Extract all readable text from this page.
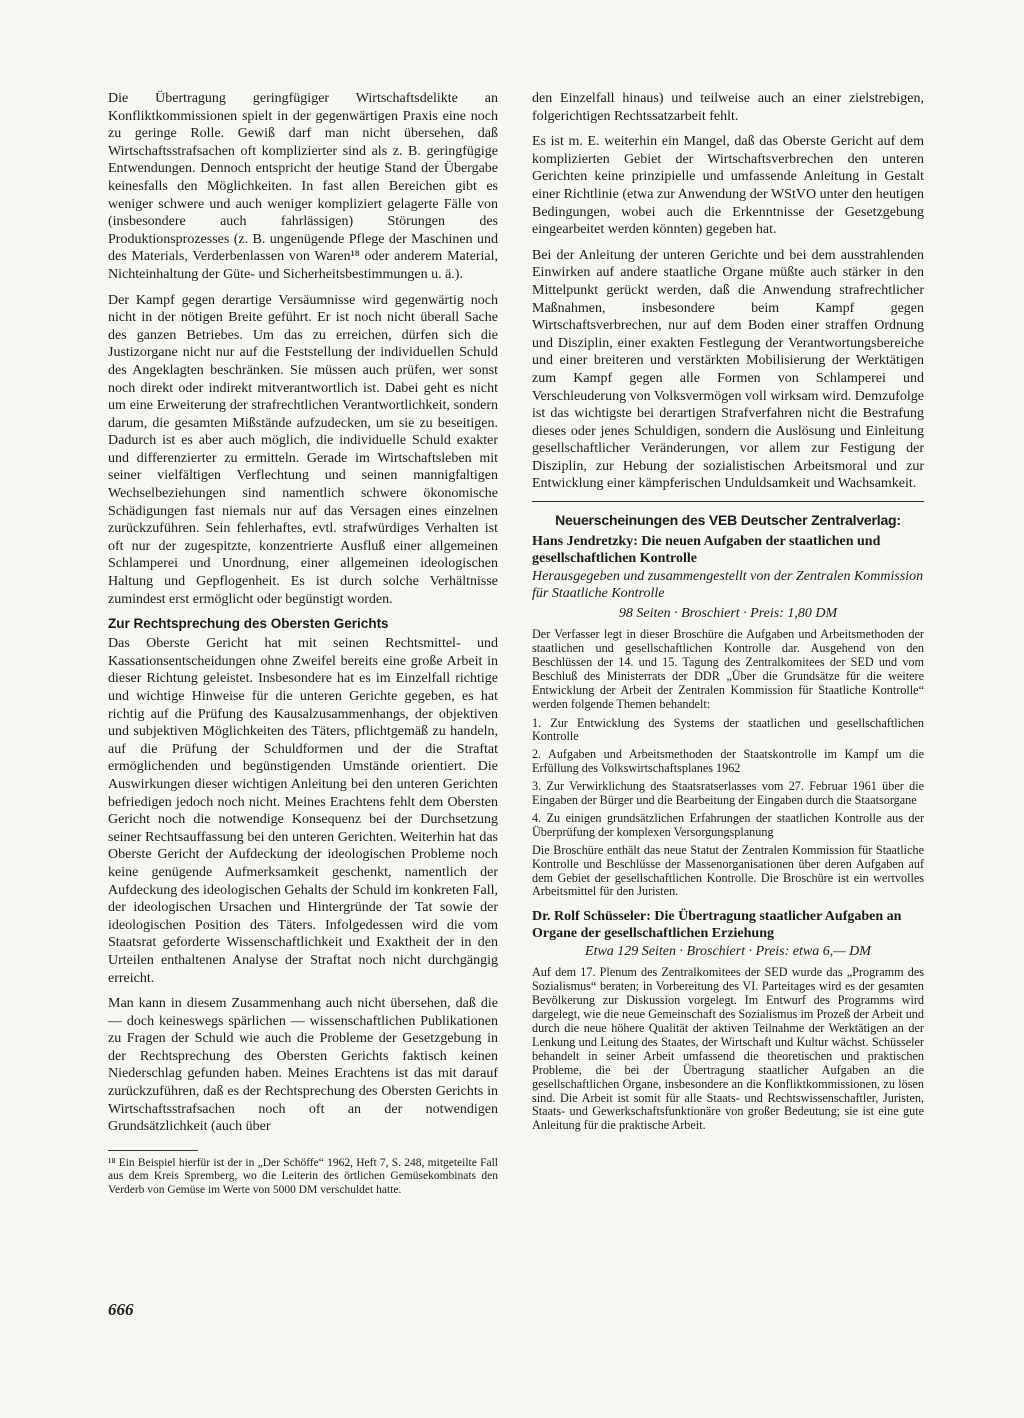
Die Übertragung geringfügiger Wirtschaftsdelikte an Konfliktkommissionen spielt in der gegenwärtigen Praxis eine noch zu geringe Rolle. Gewiß darf man nicht übersehen, daß Wirtschaftsstrafsachen oft komplizierter sind als z. B. geringfügige Entwendungen. Dennoch entspricht der heutige Stand der Übergabe keinesfalls den Möglichkeiten. In fast allen Bereichen gibt es weniger schwere und auch weniger kompliziert gelagerte Fälle von (insbesondere auch fahrlässigen) Störungen des Produktionsprozesses (z. B. ungenügende Pflege der Maschinen und des Materials, Verderbenlassen von Waren¹⁸ oder anderem Material, Nichteinhaltung der Güte- und Sicherheitsbestimmungen u. ä.).

Der Kampf gegen derartige Versäumnisse wird gegenwärtig noch nicht in der nötigen Breite geführt. Er ist noch nicht überall Sache des ganzen Betriebes. Um das zu erreichen, dürfen sich die Justizorgane nicht nur auf die Feststellung der individuellen Schuld des Angeklagten beschränken. Sie müssen auch prüfen, wer sonst noch direkt oder indirekt mitverantwortlich ist. Dabei geht es nicht um eine Erweiterung der strafrechtlichen Verantwortlichkeit, sondern darum, die gesamten Mißstände aufzudecken, um sie zu beseitigen. Dadurch ist es aber auch möglich, die individuelle Schuld exakter und differenzierter zu ermitteln. Gerade im Wirtschaftsleben mit seiner vielfältigen Verflechtung und seinen mannigfaltigen Wechselbeziehungen sind namentlich schwere ökonomische Schädigungen fast niemals nur auf das Versagen eines einzelnen zurückzuführen. Sein fehlerhaftes, evtl. strafwürdiges Verhalten ist oft nur der zugespitzte, konzentrierte Ausfluß einer allgemeinen Schlamperei und Unordnung, einer allgemeinen ideologischen Haltung und Gepflogenheit. Es ist durch solche Verhältnisse zumindest erst ermöglicht oder begünstigt worden.

Zur Rechtsprechung des Obersten Gerichts

Das Oberste Gericht hat mit seinen Rechtsmittel- und Kassationsentscheidungen ohne Zweifel bereits eine große Arbeit in dieser Richtung geleistet. Insbesondere hat es im Einzelfall richtige und wichtige Hinweise für die unteren Gerichte gegeben, es hat richtig auf die Prüfung des Kausalzusammenhangs, der objektiven und subjektiven Möglichkeiten des Täters, pflichtgemäß zu handeln, auf die Prüfung der Schuldformen und der die Straftat ermöglichenden und begünstigenden Umstände orientiert. Die Auswirkungen dieser wichtigen Anleitung bei den unteren Gerichten befriedigen jedoch noch nicht. Meines Erachtens fehlt dem Obersten Gericht noch die notwendige Konsequenz bei der Durchsetzung seiner Rechtsauffassung bei den unteren Gerichten. Weiterhin hat das Oberste Gericht der Aufdeckung der ideologischen Probleme noch keine genügende Aufmerksamkeit geschenkt, namentlich der Aufdeckung des ideologischen Gehalts der Schuld im konkreten Fall, der ideologischen Ursachen und Hintergründe der Tat sowie der ideologischen Position des Täters. Infolgedessen wird die vom Staatsrat geforderte Wissenschaftlichkeit und Exaktheit der in den Urteilen enthaltenen Analyse der Straftat noch nicht durchgängig erreicht.

Man kann in diesem Zusammenhang auch nicht übersehen, daß die — doch keineswegs spärlichen — wissenschaftlichen Publikationen zu Fragen der Schuld wie auch die Probleme der Gesetzgebung in der Rechtsprechung des Obersten Gerichts faktisch keinen Niederschlag gefunden haben. Meines Erachtens ist das mit darauf zurückzuführen, daß es der Rechtsprechung des Obersten Gerichts in Wirtschaftsstrafsachen noch oft an der notwendigen Grundsätzlichkeit (auch über

¹⁸ Ein Beispiel hierfür ist der in „Der Schöffe“ 1962, Heft 7, S. 248, mitgeteilte Fall aus dem Kreis Spremberg, wo die Leiterin des örtlichen Gemüsekombinats den Verderb von Gemüse im Werte von 5000 DM verschuldet hatte.

666

den Einzelfall hinaus) und teilweise auch an einer zielstrebigen, folgerichtigen Rechtssatzarbeit fehlt.

Es ist m. E. weiterhin ein Mangel, daß das Oberste Gericht auf dem komplizierten Gebiet der Wirtschaftsverbrechen den unteren Gerichten keine prinzipielle und umfassende Anleitung in Gestalt einer Richtlinie (etwa zur Anwendung der WStVO unter den heutigen Bedingungen, wobei auch die Erkenntnisse der Gesetzgebung eingearbeitet werden könnten) gegeben hat.

Bei der Anleitung der unteren Gerichte und bei dem ausstrahlenden Einwirken auf andere staatliche Organe müßte auch stärker in den Mittelpunkt gerückt werden, daß die Anwendung strafrechtlicher Maßnahmen, insbesondere beim Kampf gegen Wirtschaftsverbrechen, nur auf dem Boden einer straffen Ordnung und Disziplin, einer exakten Festlegung der Verantwortungsbereiche und einer breiteren und verstärkten Mobilisierung der Werktätigen zum Kampf gegen alle Formen von Schlamperei und Verschleuderung von Volksvermögen voll wirksam wird. Demzufolge ist das wichtigste bei derartigen Strafverfahren nicht die Bestrafung dieses oder jenes Schuldigen, sondern die Auslösung und Einleitung gesellschaftlicher Veränderungen, vor allem zur Festigung der Disziplin, zur Hebung der sozialistischen Arbeitsmoral und zur Entwicklung einer kämpferischen Unduldsamkeit und Wachsamkeit.

Neuerscheinungen des VEB Deutscher Zentralverlag:
Hans Jendretzky: Die neuen Aufgaben der staatlichen und gesellschaftlichen Kontrolle
Herausgegeben und zusammengestellt von der Zentralen Kommission für Staatliche Kontrolle
98 Seiten · Broschiert · Preis: 1,80 DM

Der Verfasser legt in dieser Broschüre die Aufgaben und Arbeitsmethoden der staatlichen und gesellschaftlichen Kontrolle dar. Ausgehend von den Beschlüssen der 14. und 15. Tagung des Zentralkomitees der SED und vom Beschluß des Ministerrats der DDR „Über die Grundsätze für die weitere Entwicklung der Arbeit der Zentralen Kommission für Staatliche Kontrolle“ werden folgende Themen behandelt:

1. Zur Entwicklung des Systems der staatlichen und gesellschaftlichen Kontrolle

2. Aufgaben und Arbeitsmethoden der Staatskontrolle im Kampf um die Erfüllung des Volkswirtschaftsplanes 1962

3. Zur Verwirklichung des Staatsratserlasses vom 27. Februar 1961 über die Eingaben der Bürger und die Bearbeitung der Eingaben durch die Staatsorgane

4. Zu einigen grundsätzlichen Erfahrungen der staatlichen Kontrolle aus der Überprüfung der komplexen Versorgungsplanung

Die Broschüre enthält das neue Statut der Zentralen Kommission für Staatliche Kontrolle und Beschlüsse der Massenorganisationen über deren Aufgaben auf dem Gebiet der gesellschaftlichen Kontrolle. Die Broschüre ist ein wertvolles Arbeitsmittel für den Juristen.

Dr. Rolf Schüsseler: Die Übertragung staatlicher Aufgaben an Organe der gesellschaftlichen Erziehung
Etwa 129 Seiten · Broschiert · Preis: etwa 6,— DM

Auf dem 17. Plenum des Zentralkomitees der SED wurde das „Programm des Sozialismus“ beraten; in Vorbereitung des VI. Parteitages wird es der gesamten Bevölkerung zur Diskussion vorgelegt. Im Entwurf des Programms wird dargelegt, wie die neue Gemeinschaft des Sozialismus im Prozeß der Arbeit und durch die neue höhere Qualität der aktiven Teilnahme der Werktätigen an der Lenkung und Leitung des Staates, der Wirtschaft und Kultur wächst. Schüsseler behandelt in seiner Arbeit umfassend die theoretischen und praktischen Probleme, die bei der Übertragung staatlicher Aufgaben an die gesellschaftlichen Organe, insbesondere an die Konfliktkommissionen, zu lösen sind. Die Arbeit ist somit für alle Staats- und Rechtswissenschaftler, Juristen, Staats- und Gewerkschaftsfunktionäre von großer Bedeutung; sie ist eine gute Anleitung für die praktische Arbeit.
